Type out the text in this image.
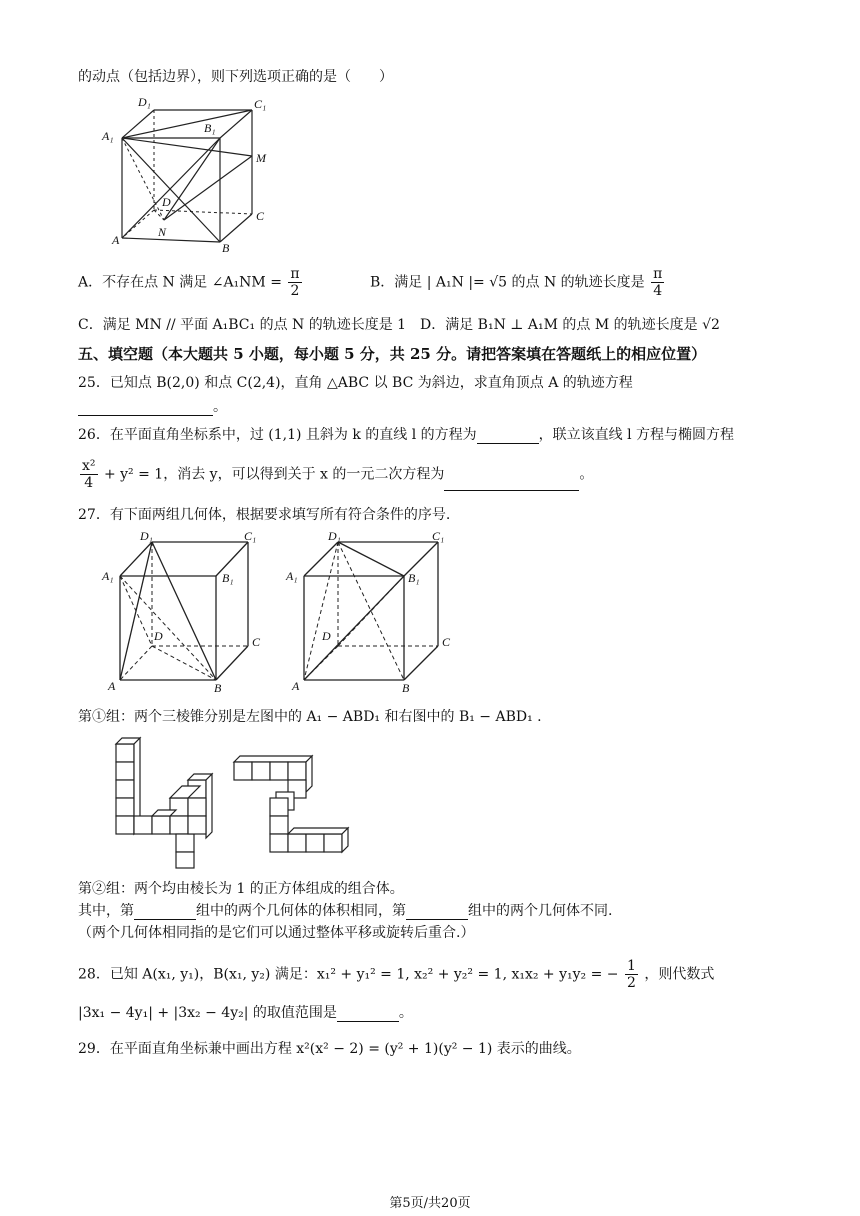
的动点（包括边界），则下列选项正确的是（　　）
D₁	C₁
A₁
B₁
M
D
C
N
A
B
A．不存在点 N 满足 ∠A₁NM = $\frac{\pi}{2}$	B．满足 | A₁N |= √5 的点 N 的轨迹长度是 $\frac{\pi}{4}$
C．满足 MN // 平面 A₁BC₁ 的点 N 的轨迹长度是 1 D．满足 B₁N ⊥ A₁M 的点 M 的轨迹长度是 √2
五、填空题（本大题共 5 小题，每小题 5 分，共 25 分。请把答案填在答题纸上的相应位置）
25．已知点 B(2,0) 和点 C(2,4)，直角 △ABC 以 BC 为斜边，求直角顶点 A 的轨迹方程
。
26．在平面直角坐标系中，过 (1,1) 且斜为 k 的直线 l 的方程为	，联立该直线 l 方程与椭圆方程
$\frac{\text{x²}}{4} + y^2 = 1$，消去 y，可以得到关于 x 的一元二次方程为	。
27．有下面两组几何体，根据要求填写所有符合条件的序号.
D₁	C₁
A₁	B₁
D	C
A	B
D₁	C₁
A₁	B₁
D	C
A	B
第①组：两个三棱锥分别是左图中的 A₁ − ABD₁ 和右图中的 B₁ − ABD₁ .
第②组：两个均由棱长为 1 的正方体组成的组合体。
其中，第	组中的两个几何体的体积相同，第	组中的两个几何体不同.
（两个几何体相同指的是它们可以通过整体平移或旋转后重合.）
28．已知 A(x₁, y₁)，B(x₁, y₂) 满足：x₁² + y₁² = 1, x₂² + y₂² = 1, x₁x₂ + y₁y₂ = − $\frac{1}{2}$ ，则代数式
|3x₁ − 4y₁| + |3x₂ − 4y₂| 的取值范围是	。
29．在平面直角坐标兼中画出方程 x²(x² − 2) = (y² + 1)(y² − 1) 表示的曲线。
第5页/共20页
